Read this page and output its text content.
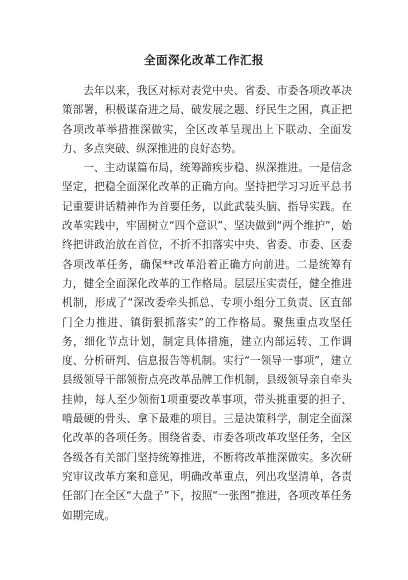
全面深化改革工作汇报

去年以来，我区对标对表党中央、省委、市委各项改革决策部署，积极谋奋进之局、破发展之题、纾民生之困，真正把各项改革举措推深做实，全区改革呈现出上下联动、全面发力、多点突破、纵深推进的良好态势。

一、主动谋篇布局，统筹蹄疾步稳、纵深推进。一是信念坚定，把稳全面深化改革的正确方向。坚持把学习习近平总书记重要讲话精神作为首要任务，以此武装头脑、指导实践。在改革实践中，牢固树立“四个意识”、坚决做到“两个维护”，始终把讲政治放在首位，不折不扣落实中央、省委、市委、区委各项改革任务，确保**改革沿着正确方向前进。二是统筹有力，健全全面深化改革的工作格局。层层压实责任，健全推进机制，形成了“深改委牵头抓总、专项小组分工负责、区直部门全力推进、镇街狠抓落实”的工作格局。聚焦重点攻坚任务，细化节点计划，制定具体措施，建立内部运转、工作调度、分析研判、信息报告等机制。实行“一领导一事项”，建立县级领导干部领衔点亮改革品牌工作机制，县级领导亲自牵头挂帅，每人至少领衔1项重要改革事项，带头挑重要的担子、啃最硬的骨头、拿下最难的项目。三是决策科学，制定全面深化改革的各项任务。围绕省委、市委各项改革攻坚任务，全区各级各有关部门坚持统筹推进，不断将改革推深做实。多次研究审议改革方案和意见，明确改革重点，列出攻坚清单，各责任部门在全区“大盘子”下，按照“一张图”推进，各项改革任务如期完成。
